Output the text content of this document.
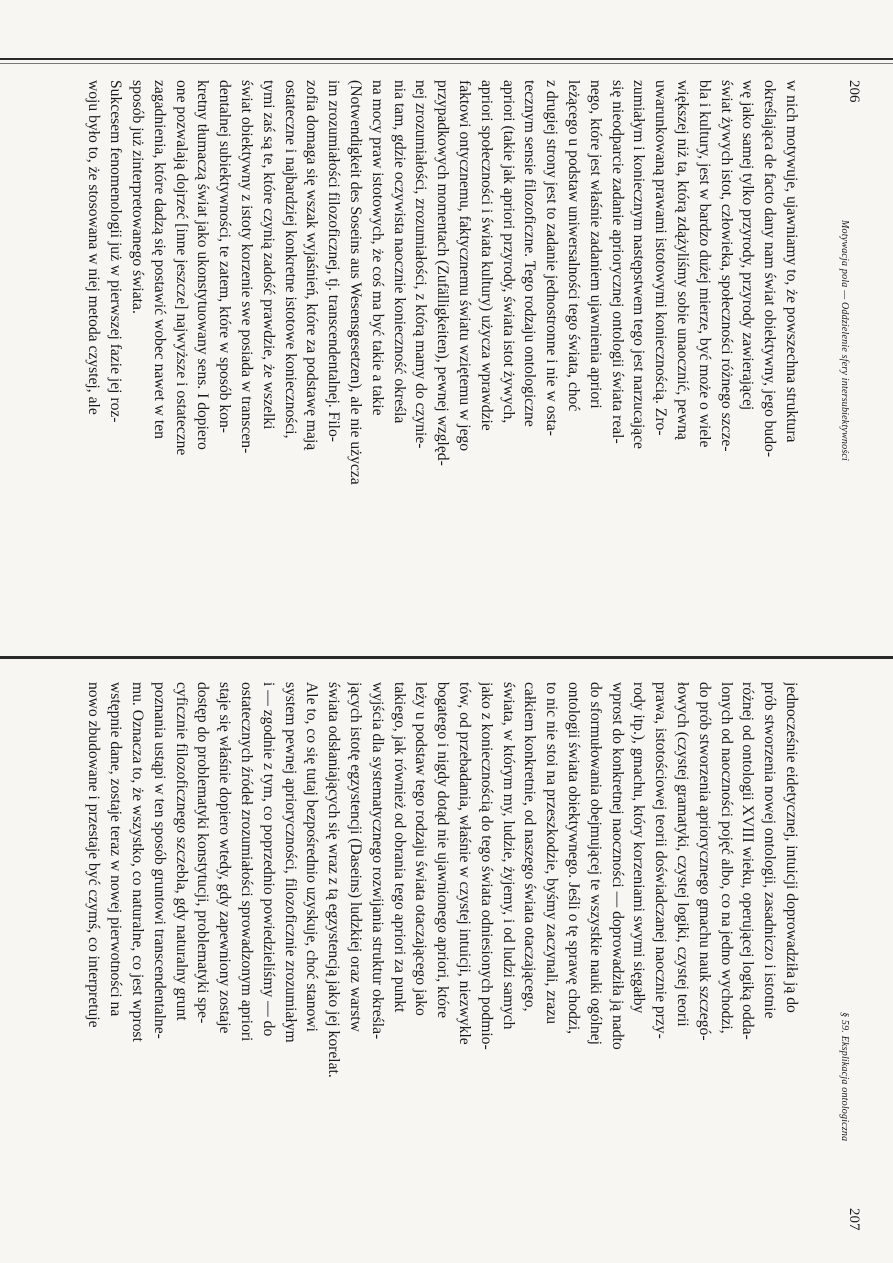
206
Motywacja pola — Oddzielenie sfery intersubiektywności
w nich motywuje, ujawniamy to, że powszechna struktura
określająca de facto dany nam świat obiektywny, jego budo-
wę jako samej tylko przyrody, przyrody zawierającej
świat żywych istot, człowieka, społeczności różnego szcze-
bla i kultury, jest w bardzo dużej mierze, być może o wiele
większej niż ta, którą zdążyliśmy sobie unaocznić, pewną
uwarunkowaną prawami istotowymi koniecznością. Zro-
zumiałym i koniecznym następstwem tego jest narzucające
się nieodparcie zadanie apriorycznej ontologii świata real-
nego, które jest właśnie zadaniem ujawnienia apriori
leżącego u podstaw uniwersalności tego świata, choć
z drugiej strony jest to zadanie jednostronne i nie w osta-
tecznym sensie filozoficzne. Tego rodzaju ontologiczne
apriori (takie jak apriori przyrody, świata istot żywych,
apriori społeczności i świata kultury) użycza wprawdzie
faktowi ontycznemu, faktycznemu światu wziętemu w jego
przypadkowych momentach (Zufälligkeiten), pewnej względ-
nej zrozumiałości, zrozumiałości, z którą mamy do czynie-
nia tam, gdzie oczywista naocznie konieczność określa
na mocy praw istotowych, że coś ma być takie a takie
(Notwendigkeit des Soseins aus Wesensgesetzen), ale nie użycza
im zrozumiałości filozoficznej, tj. transcendentalnej. Filo-
zofia domaga się wszak wyjaśnień, które za podstawę mają
ostateczne i najbardziej konkretne istotowe konieczności,
tymi zaś są te, które czynią zadość prawdzie, że wszelki
świat obiektywny z istoty korzenie swe posiada w transcen-
dentalnej subiektywności, te zatem, które w sposób kon-
kretny tłumaczą świat jako ukonstytuowany sens. I dopiero
one pozwalają dojrzeć [inne jeszcze] najwyższe i ostateczne
zagadnienia, które dadzą się postawić wobec nawet w ten
sposób już zinterpretowanego świata.
Sukcesem fenomenologii już w pierwszej fazie jej roz-
woju było to, że stosowana w niej metoda czystej, ale
207
§ 59. Eksplikacja ontologiczna
jednocześnie eidetycznej, intuicji doprowadziła ją do
prób stworzenia nowej ontologii, zasadniczo i istotnie
różnej od ontologii XVIII wieku, operującej logiką odda-
lonych od naoczności pojęć albo, co na jedno wychodzi,
do prób stworzenia apriorycznego gmachu nauk szczegó-
łowych (czystej gramatyki, czystej logiki, czystej teorii
prawa, istotościowej teorii doświadczanej naocznie przy-
rody itp.), gmachu, który korzeniami swymi sięgałby
wprost do konkretnej naoczności — doprowadziła ją nadto
do sformułowania obejmującej te wszystkie nauki ogólnej
ontologii świata obiektywnego. Jeśli o tę sprawę chodzi,
to nic nie stoi na przeszkodzie, byśmy zaczynali, zrazu
całkiem konkretnie, od naszego świata otaczającego,
świata, w którym my, ludzie, żyjemy, i od ludzi samych
jako z koniecznością do tego świata odniesionych podmio-
tów, od przebadania, właśnie w czystej intuicji, niezwykle
bogatego i nigdy dotąd nie ujawnionego apriori, które
leży u podstaw tego rodzaju świata otaczającego jako
takiego, jak również od obrania tego apriori za punkt
wyjścia dla systematycznego rozwijania struktur określa-
jących istotę egzystencji (Daseins) ludzkiej oraz warstw
świata odsłaniających się wraz z tą egzystencją jako jej korelat.
Ale to, co się tutaj bezpośrednio uzyskuje, choć stanowi
system pewnej aprioryczności, filozoficznie zrozumiałym
i — zgodnie z tym, co poprzednio powiedzieliśmy — do
ostatecznych źródeł zrozumiałości sprowadzonym apriori
staje się właśnie dopiero wtedy, gdy zapewniony zostaje
dostęp do problematyki konstytucji, problematyki spe-
cyficznie filozoficznego szczebla, gdy naturalny grunt
poznania ustąpi w ten sposób gruntowi transcendentalne-
mu. Oznacza to, że wszystko, co naturalne, co jest wprost
wstępnie dane, zostaje teraz w nowej pierwotności na
nowo zbudowane i przestaje być czymś, co interpretuje
